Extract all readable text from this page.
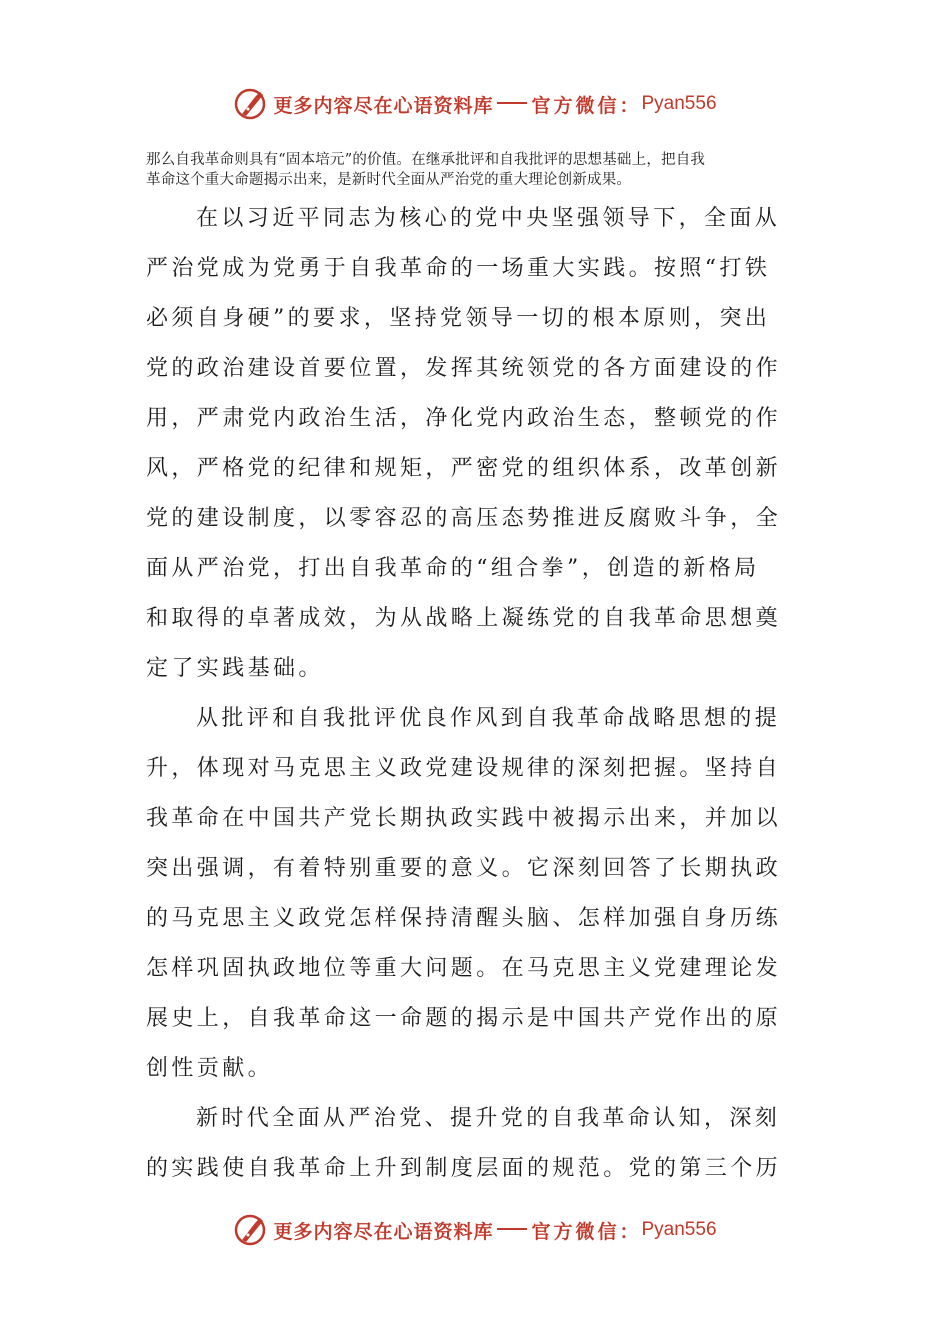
更多内容尽在心语资料库 官方微信： Pyan556
那么自我革命则具有“固本培元”的价值。在继承批评和自我批评的思想基础上，把自我
革命这个重大命题揭示出来，是新时代全面从严治党的重大理论创新成果。
在以习近平同志为核心的党中央坚强领导下，全面从
严治党成为党勇于自我革命的一场重大实践。按照“打铁
必须自身硬”的要求，坚持党领导一切的根本原则，突出
党的政治建设首要位置，发挥其统领党的各方面建设的作
用，严肃党内政治生活，净化党内政治生态，整顿党的作
风，严格党的纪律和规矩，严密党的组织体系，改革创新
党的建设制度，以零容忍的高压态势推进反腐败斗争，全
面从严治党，打出自我革命的“组合拳”，创造的新格局
和取得的卓著成效，为从战略上凝练党的自我革命思想奠
定了实践基础。
从批评和自我批评优良作风到自我革命战略思想的提
升，体现对马克思主义政党建设规律的深刻把握。坚持自
我革命在中国共产党长期执政实践中被揭示出来，并加以
突出强调，有着特别重要的意义。它深刻回答了长期执政
的马克思主义政党怎样保持清醒头脑、怎样加强自身历练
怎样巩固执政地位等重大问题。在马克思主义党建理论发
展史上，自我革命这一命题的揭示是中国共产党作出的原
创性贡献。
新时代全面从严治党、提升党的自我革命认知，深刻
的实践使自我革命上升到制度层面的规范。党的第三个历
更多内容尽在心语资料库 官方微信： Pyan556
